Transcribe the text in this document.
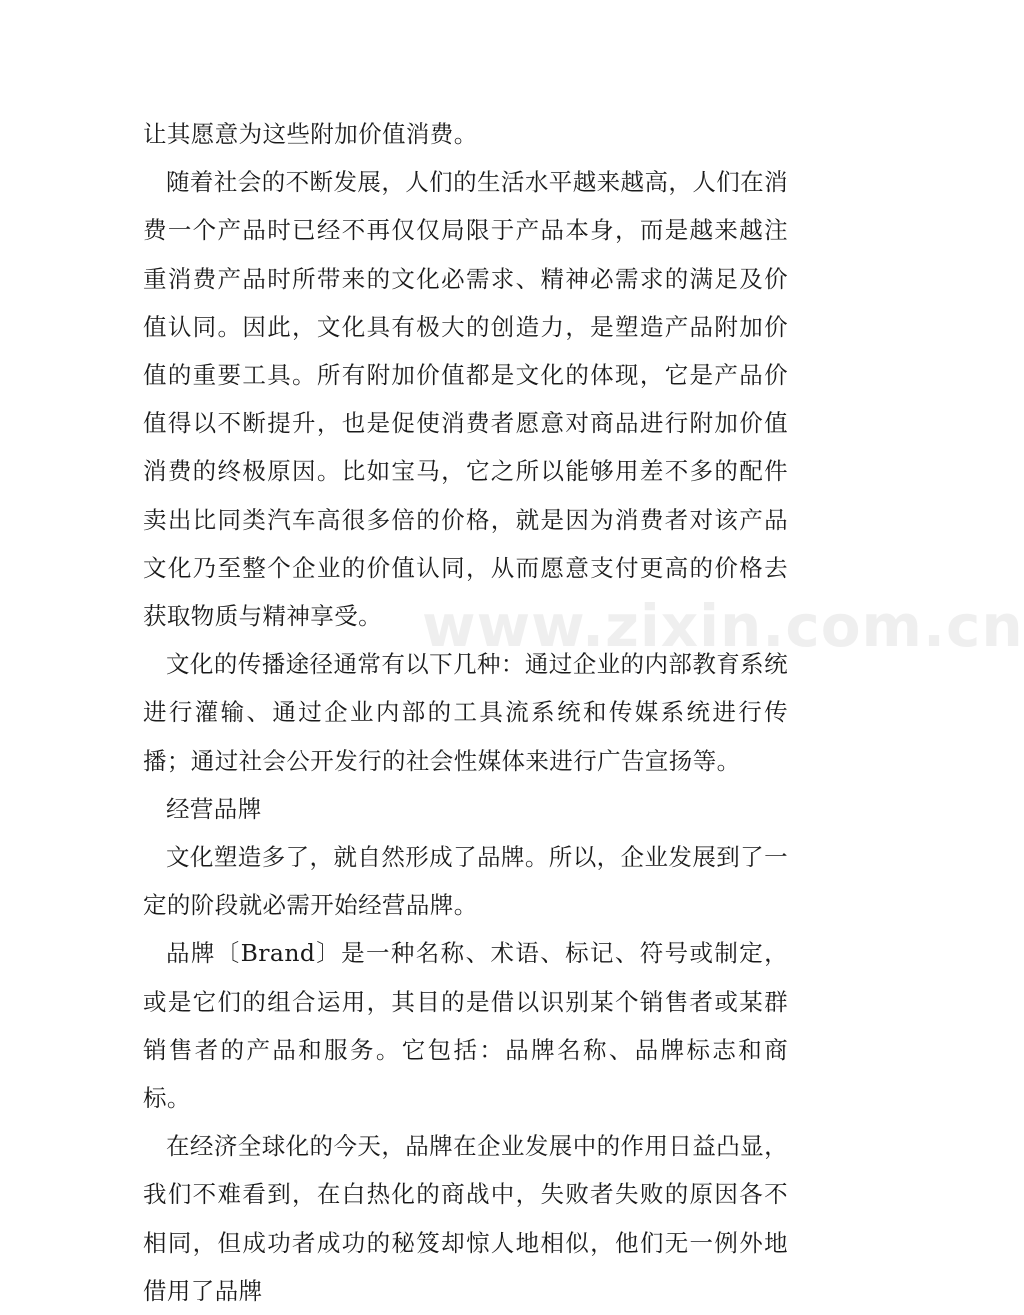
让其愿意为这些附加价值消费。

随着社会的不断发展，人们的生活水平越来越高，人们在消费一个产品时已经不再仅仅局限于产品本身，而是越来越注重消费产品时所带来的文化必需求、精神必需求的满足及价值认同。因此，文化具有极大的创造力，是塑造产品附加价值的重要工具。所有附加价值都是文化的体现，它是产品价值得以不断提升，也是促使消费者愿意对商品进行附加价值消费的终极原因。比如宝马，它之所以能够用差不多的配件卖出比同类汽车高很多倍的价格，就是因为消费者对该产品文化乃至整个企业的价值认同，从而愿意支付更高的价格去获取物质与精神享受。

文化的传播途径通常有以下几种：通过企业的内部教育系统进行灌输、通过企业内部的工具流系统和传媒系统进行传播；通过社会公开发行的社会性媒体来进行广告宣扬等。

经营品牌

文化塑造多了，就自然形成了品牌。所以，企业发展到了一定的阶段就必需开始经营品牌。

品牌〔Brand〕是一种名称、术语、标记、符号或制定，或是它们的组合运用，其目的是借以识别某个销售者或某群销售者的产品和服务。它包括：品牌名称、品牌标志和商标。

在经济全球化的今天，品牌在企业发展中的作用日益凸显，我们不难看到，在白热化的商战中，失败者失败的原因各不相同，但成功者成功的秘笈却惊人地相似，他们无一例外地借用了品牌

www.zixin.com.cn
